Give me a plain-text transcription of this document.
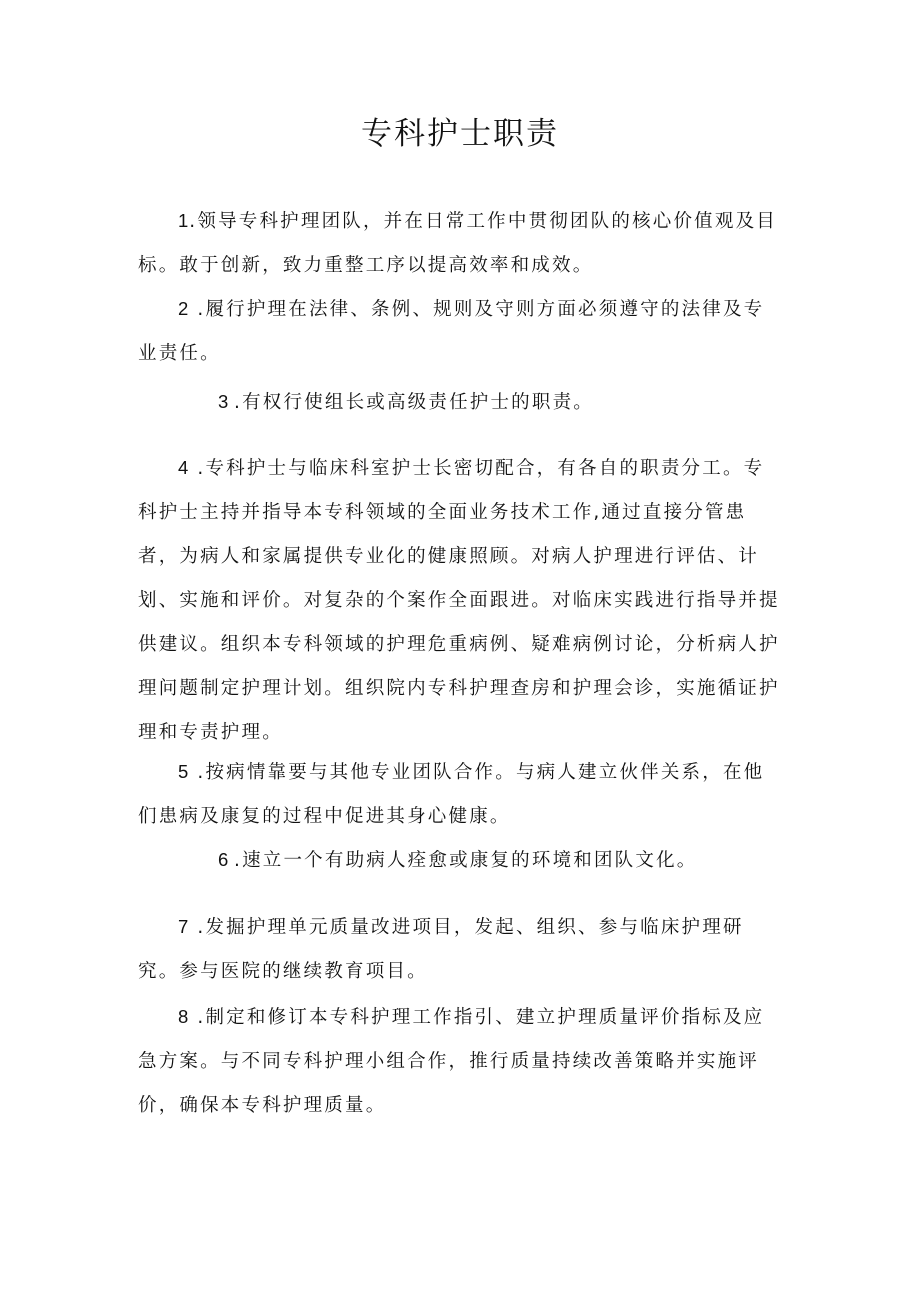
专科护士职责

1.领导专科护理团队，并在日常工作中贯彻团队的核心价值观及目标。敢于创新，致力重整工序以提高效率和成效。

2 .履行护理在法律、条例、规则及守则方面必须遵守的法律及专业责任。

3 .有权行使组长或高级责任护士的职责。

4 .专科护士与临床科室护士长密切配合，有各自的职责分工。专科护士主持并指导本专科领域的全面业务技术工作,通过直接分管患者，为病人和家属提供专业化的健康照顾。对病人护理进行评估、计划、实施和评价。对复杂的个案作全面跟进。对临床实践进行指导并提供建议。组织本专科领域的护理危重病例、疑难病例讨论，分析病人护理问题制定护理计划。组织院内专科护理查房和护理会诊，实施循证护理和专责护理。

5 .按病情靠要与其他专业团队合作。与病人建立伙伴关系，在他们患病及康复的过程中促进其身心健康。

6 .速立一个有助病人痊愈或康复的环境和团队文化。

7 .发掘护理单元质量改进项目，发起、组织、参与临床护理研究。参与医院的继续教育项目。

8 .制定和修订本专科护理工作指引、建立护理质量评价指标及应急方案。与不同专科护理小组合作，推行质量持续改善策略并实施评价，确保本专科护理质量。
